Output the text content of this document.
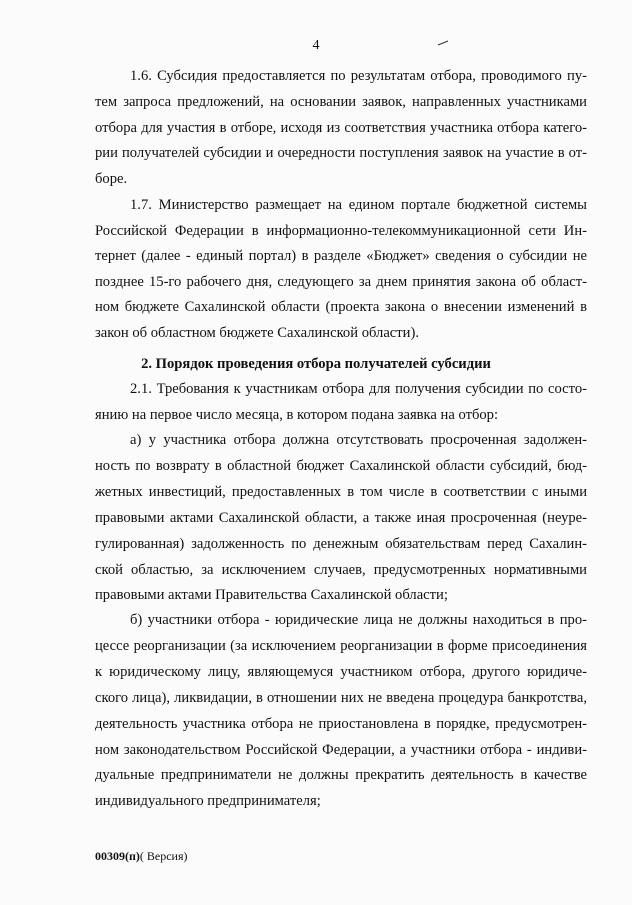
4
1.6. Субсидия предоставляется по результатам отбора, проводимого пу-
тем запроса предложений, на основании заявок, направленных участниками
отбора для участия в отборе, исходя из соответствия участника отбора катего-
рии получателей субсидии и очередности поступления заявок на участие в от-
боре.
1.7. Министерство размещает на едином портале бюджетной системы
Российской Федерации в информационно-телекоммуникационной сети Ин-
тернет (далее - единый портал) в разделе «Бюджет» сведения о субсидии не
позднее 15-го рабочего дня, следующего за днем принятия закона об област-
ном бюджете Сахалинской области (проекта закона о внесении изменений в
закон об областном бюджете Сахалинской области).
2.1. Требования к участникам отбора для получения субсидии по состо-
янию на первое число месяца, в котором подана заявка на отбор:
а) у участника отбора должна отсутствовать просроченная задолжен-
ность по возврату в областной бюджет Сахалинской области субсидий, бюд-
жетных инвестиций, предоставленных в том числе в соответствии с иными
правовыми актами Сахалинской области, а также иная просроченная (неуре-
гулированная) задолженность по денежным обязательствам перед Сахалин-
ской областью, за исключением случаев, предусмотренных нормативными
правовыми актами Правительства Сахалинской области;
б) участники отбора - юридические лица не должны находиться в про-
цессе реорганизации (за исключением реорганизации в форме присоединения
к юридическому лицу, являющемуся участником отбора, другого юридиче-
ского лица), ликвидации, в отношении них не введена процедура банкротства,
деятельность участника отбора не приостановлена в порядке, предусмотрен-
ном законодательством Российской Федерации, а участники отбора - индиви-
дуальные предприниматели не должны прекратить деятельность в качестве
индивидуального предпринимателя;
2. Порядок проведения отбора получателей субсидии
00309(п)( Версия)
